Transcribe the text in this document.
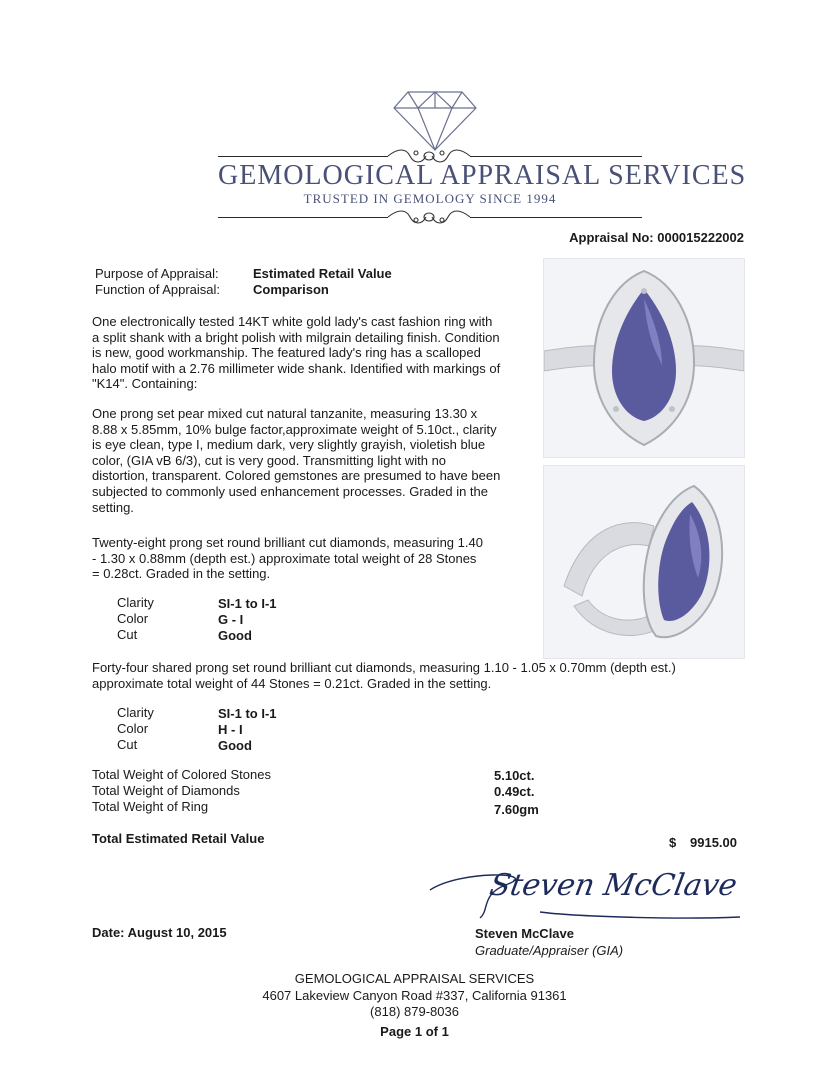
GEMOLOGICAL APPRAISAL SERVICES
TRUSTED IN GEMOLOGY SINCE 1994
Appraisal No: 000015222002
Purpose of Appraisal:	Estimated Retail Value
Function of Appraisal:	Comparison
One electronically tested 14KT white gold lady's cast fashion ring with a split shank with a bright polish with milgrain detailing finish. Condition is new, good workmanship. The featured lady's ring has a scalloped halo motif with a 2.76 millimeter wide shank. Identified with markings of "K14". Containing:
One prong set pear mixed cut natural tanzanite, measuring 13.30 x 8.88 x 5.85mm, 10% bulge factor,approximate weight of 5.10ct., clarity is eye clean, type I, medium dark, very slightly grayish, violetish blue color, (GIA vB 6/3), cut is very good. Transmitting light with no distortion, transparent. Colored gemstones are presumed to have been subjected to commonly used enhancement processes. Graded in the setting.
Twenty-eight prong set round brilliant cut diamonds, measuring 1.40 - 1.30 x 0.88mm (depth est.) approximate total weight of 28 Stones = 0.28ct. Graded in the setting.
Clarity	SI-1 to I-1
Color	G - I
Cut	Good
Forty-four shared prong set round brilliant cut diamonds, measuring 1.10 - 1.05 x 0.70mm (depth est.) approximate total weight of 44 Stones = 0.21ct. Graded in the setting.
Clarity	SI-1 to I-1
Color	H - I
Cut	Good
Total Weight of Colored Stones	5.10ct.
Total Weight of Diamonds	0.49ct.
Total Weight of Ring	7.60gm
Total Estimated Retail Value	$ 9915.00
Steven McClave
Steven McClave
Graduate/Appraiser (GIA)
Date: August 10, 2015
GEMOLOGICAL APPRAISAL SERVICES
4607 Lakeview Canyon Road #337, California 91361
(818) 879-8036
Page 1 of 1
